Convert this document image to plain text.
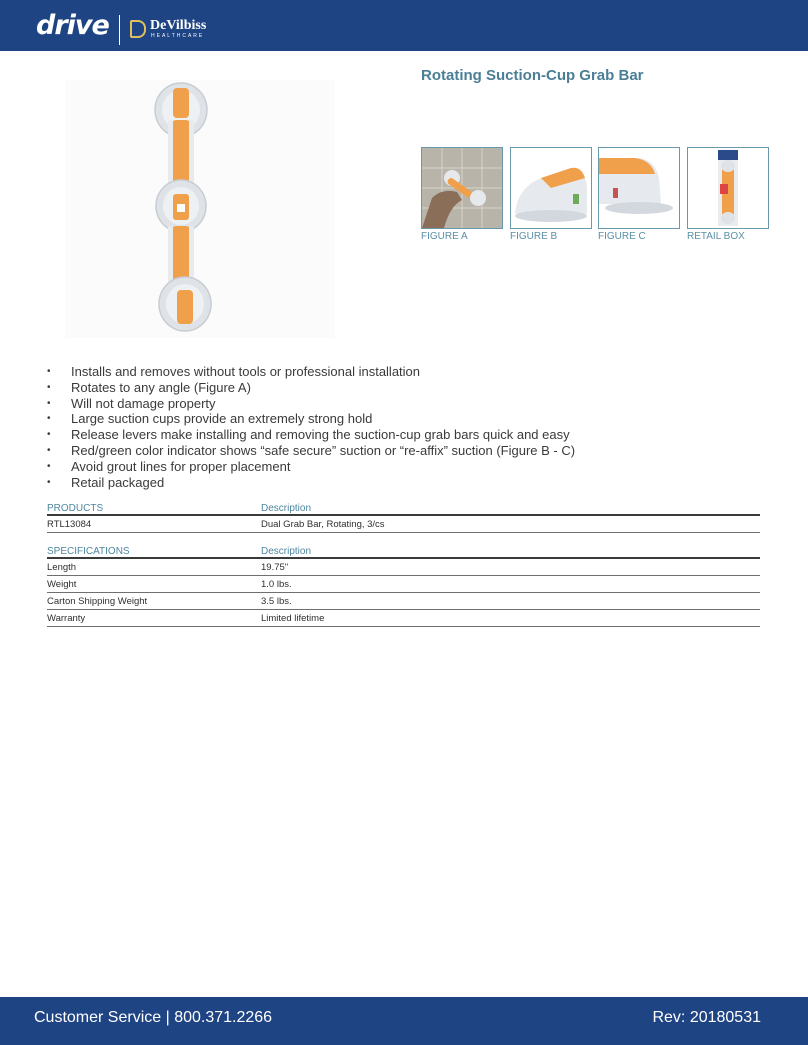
drive	DeVilbiss
HEALTHCARE
Rotating Suction-Cup Grab Bar
FIGURE A	FIGURE B	FIGURE C	RETAIL BOX
• Installs and removes without tools or professional installation
• Rotates to any angle (Figure A)
• Will not damage property
• Large suction cups provide an extremely strong hold
• Release levers make installing and removing the suction-cup grab bars quick and easy
• Red/green color indicator shows “safe secure” suction or “re-affix” suction (Figure B - C)
• Avoid grout lines for proper placement
• Retail packaged
PRODUCTS	Description
RTL13084	Dual Grab Bar, Rotating, 3/cs
SPECIFICATIONS	Description
Length	19.75"
Weight	1.0 lbs.
Carton Shipping Weight	3.5 lbs.
Warranty	Limited lifetime
Customer Service | 800.371.2266	Rev: 20180531
